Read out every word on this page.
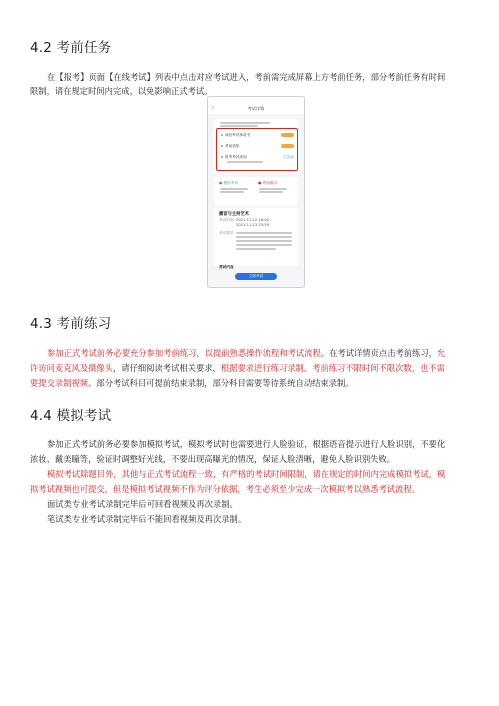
4.2 考前任务
在【报考】页面【在线考试】列表中点击对应考试进入，考前需完成屏幕上方考前任务，部分考前任务有时间
限制，请在规定时间内完成，以免影响正式考试。
‹	考试详情
诚信考试承诺书
考前须知
报考考试须知	已完成
● 模拟考试	● 考前练习
播音与主持艺术
考试时间 2021.11.12 18:00 - 2021.11.13 23:59
考试要求
考试内容
立即考试
4.3 考前练习
参加正式考试前务必要充分参加考前练习，以提前熟悉操作流程和考试流程。在考试详情页点击考前练习，允
许访问麦克风及摄像头，请仔细阅读考试相关要求，根据要求进行练习录制。考前练习不限时间不限次数，也不需
要提交录制视频。部分考试科目可提前结束录制，部分科目需要等待系统自动结束录制。
4.4 模拟考试
参加正式考试前务必要参加模拟考试，模拟考试时也需要进行人脸验证，根据语音提示进行人脸识别，不要化
浓妆、戴美瞳等，验证时调整好光线，不要出现高曝光的情况，保证人脸清晰，避免人脸识别失败。
模拟考试除题目外，其他与正式考试流程一致，有严格的考试时间限制，请在规定的时间内完成模拟考试，模
拟考试视频也可提交，但是模拟考试视频不作为评分依据，考生必须至少完成一次模拟考以熟悉考试流程。
面试类专业考试录制完毕后可回看视频及再次录制。
笔试类专业考试录制完毕后不能回看视频及再次录制。
